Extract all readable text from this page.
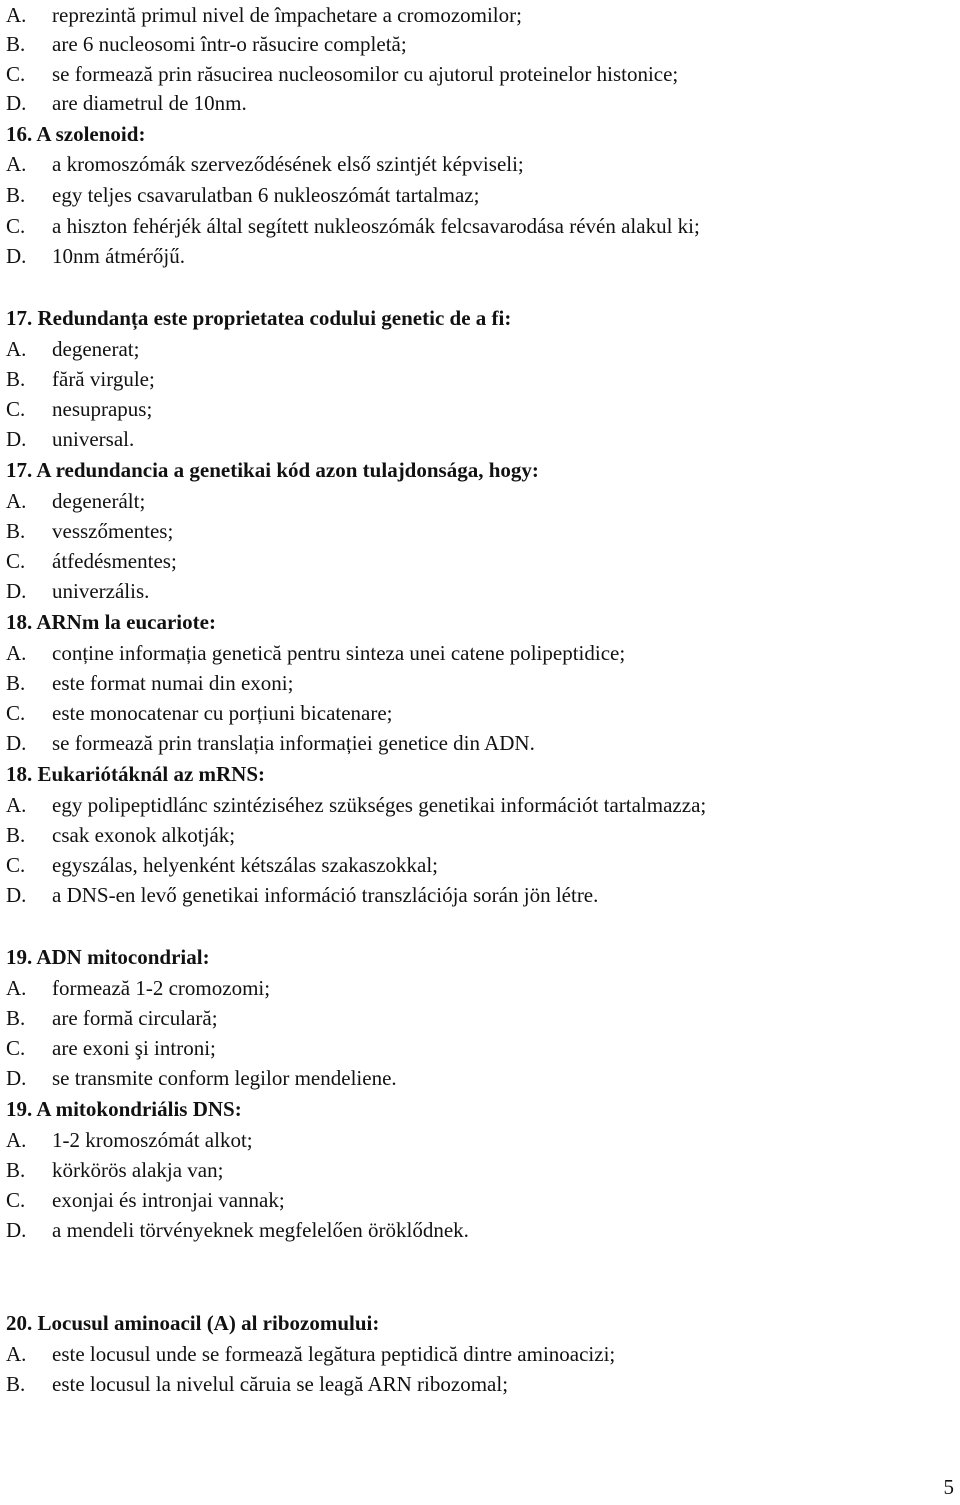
A.	reprezintă primul nivel de împachetare a cromozomilor;
B.	are 6 nucleosomi într-o răsucire completă;
C.	se formează prin răsucirea nucleosomilor cu ajutorul proteinelor histonice;
D.	are diametrul de 10nm.
16. A szolenoid:
A.	a kromoszómák szerveződésének első szintjét képviseli;
B.	egy teljes csavarulatban 6 nukleoszómát tartalmaz;
C.	a hiszton fehérjék által segített nukleoszómák felcsavarodása révén alakul ki;
D.	10nm átmérőjű.
17. Redundanța este proprietatea codului genetic de a fi:
A.	degenerat;
B.	fără virgule;
C.	nesuprapus;
D.	universal.
17. A redundancia a genetikai kód azon tulajdonsága, hogy:
A.	degenerált;
B.	vesszőmentes;
C.	átfedésmentes;
D.	univerzális.
18. ARNm la eucariote:
A.	conține informația genetică pentru sinteza unei catene polipeptidice;
B.	este format numai din exoni;
C.	este monocatenar cu porțiuni bicatenare;
D.	se formează prin translația informației genetice din ADN.
18. Eukariótáknál az mRNS:
A.	egy polipeptidlánc szintéziséhez szükséges genetikai információt tartalmazza;
B.	csak exonok alkotják;
C.	egyszálas, helyenként kétszálas szakaszokkal;
D.	a DNS-en levő genetikai információ transzlációja során jön létre.
19. ADN mitocondrial:
A.	formează 1-2 cromozomi;
B.	are formă circulară;
C.	are exoni şi introni;
D.	se transmite conform legilor mendeliene.
19. A mitokondriális DNS:
A.	1-2 kromoszómát alkot;
B.	körkörös alakja van;
C.	exonjai és intronjai vannak;
D.	a mendeli törvényeknek megfelelően öröklődnek.
20. Locusul aminoacil (A) al ribozomului:
A.	este locusul unde se formează legătura peptidică dintre aminoacizi;
B.	este locusul la nivelul căruia se leagă ARN ribozomal;
5
